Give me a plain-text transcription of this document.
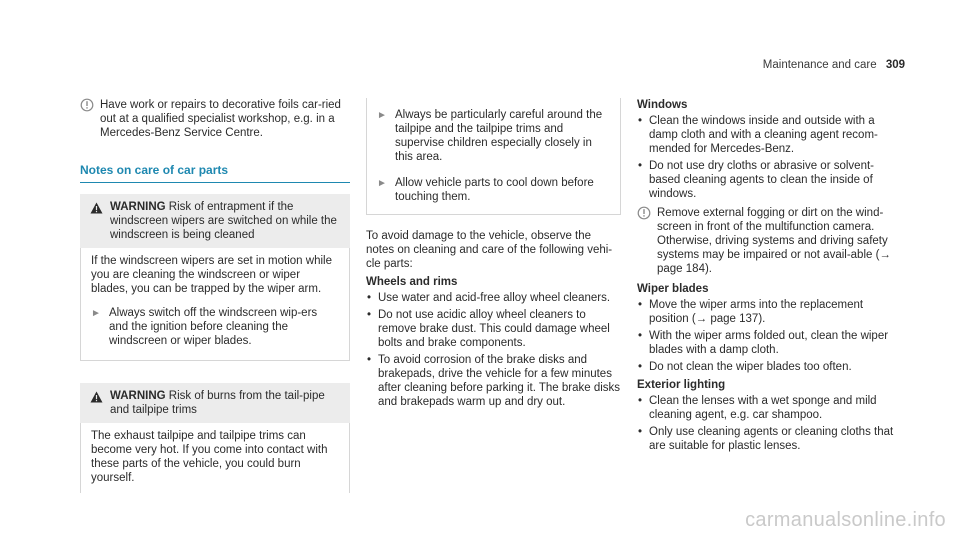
Maintenance and care 309

Have work or repairs to decorative foils car-ried out at a qualified specialist workshop, e.g. in a Mercedes-Benz Service Centre.

Notes on care of car parts
WARNING Risk of entrapment if the windscreen wipers are switched on while the windscreen is being cleaned

If the windscreen wipers are set in motion while you are cleaning the windscreen or wiper blades, you can be trapped by the wiper arm.

► Always switch off the windscreen wip-ers and the ignition before cleaning the windscreen or wiper blades.
WARNING Risk of burns from the tail-pipe and tailpipe trims

The exhaust tailpipe and tailpipe trims can become very hot. If you come into contact with these parts of the vehicle, you could burn yourself.

► Always be particularly careful around the tailpipe and the tailpipe trims and supervise children especially closely in this area.
► Allow vehicle parts to cool down before touching them.

To avoid damage to the vehicle, observe the notes on cleaning and care of the following vehi-cle parts:

Wheels and rims
• Use water and acid-free alloy wheel cleaners.
• Do not use acidic alloy wheel cleaners to remove brake dust. This could damage wheel bolts and brake components.
• To avoid corrosion of the brake disks and brakepads, drive the vehicle for a few minutes after cleaning before parking it. The brake disks and brakepads warm up and dry out.
Windows
• Clean the windows inside and outside with a damp cloth and with a cleaning agent recom-mended for Mercedes-Benz.
• Do not use dry cloths or abrasive or solvent-based cleaning agents to clean the inside of windows.

Remove external fogging or dirt on the wind-screen in front of the multifunction camera. Otherwise, driving systems and driving safety systems may be impaired or not avail-able (→ page 184).

Wiper blades
• Move the wiper arms into the replacement position (→ page 137).
• With the wiper arms folded out, clean the wiper blades with a damp cloth.
• Do not clean the wiper blades too often.
Exterior lighting
• Clean the lenses with a wet sponge and mild cleaning agent, e.g. car shampoo.
• Only use cleaning agents or cleaning cloths that are suitable for plastic lenses.
carmanualsonline.info
